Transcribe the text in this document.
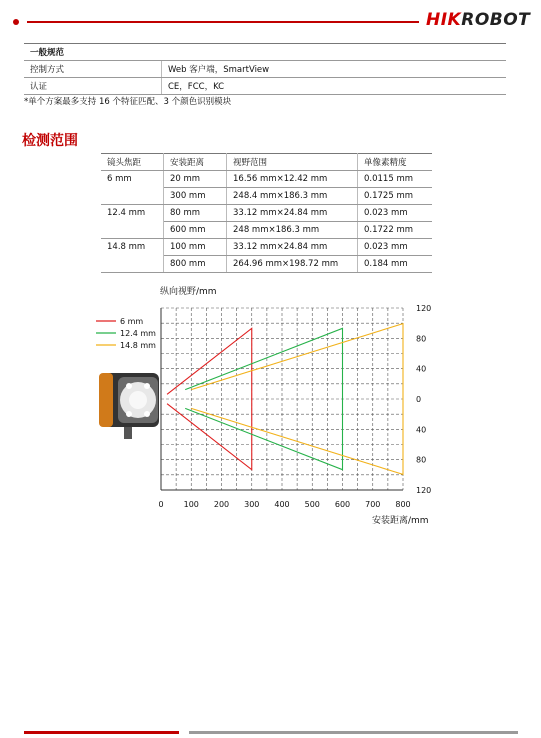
HIKROBOT
一般规范	
控制方式	Web 客户端，SmartView
认证	CE，FCC，KC
*单个方案最多支持 16 个特征匹配、3 个颜色识别模块
检测范围
镜头焦距	安装距离	视野范围	单像素精度
6 mm	20 mm	16.56 mm×12.42 mm	0.0115 mm
	300 mm	248.4 mm×186.3 mm	0.1725 mm
12.4 mm	80 mm	33.12 mm×24.84 mm	0.023 mm
	600 mm	248 mm×186.3 mm	0.1722 mm
14.8 mm	100 mm	33.12 mm×24.84 mm	0.023 mm
	800 mm	264.96 mm×198.72 mm	0.184 mm
6 mm
12.4 mm
14.8 mm
0	100 200 300 400 500 600 700 800
120
80
40
0
40
80
120
纵向视野/mm
安装距离/mm
